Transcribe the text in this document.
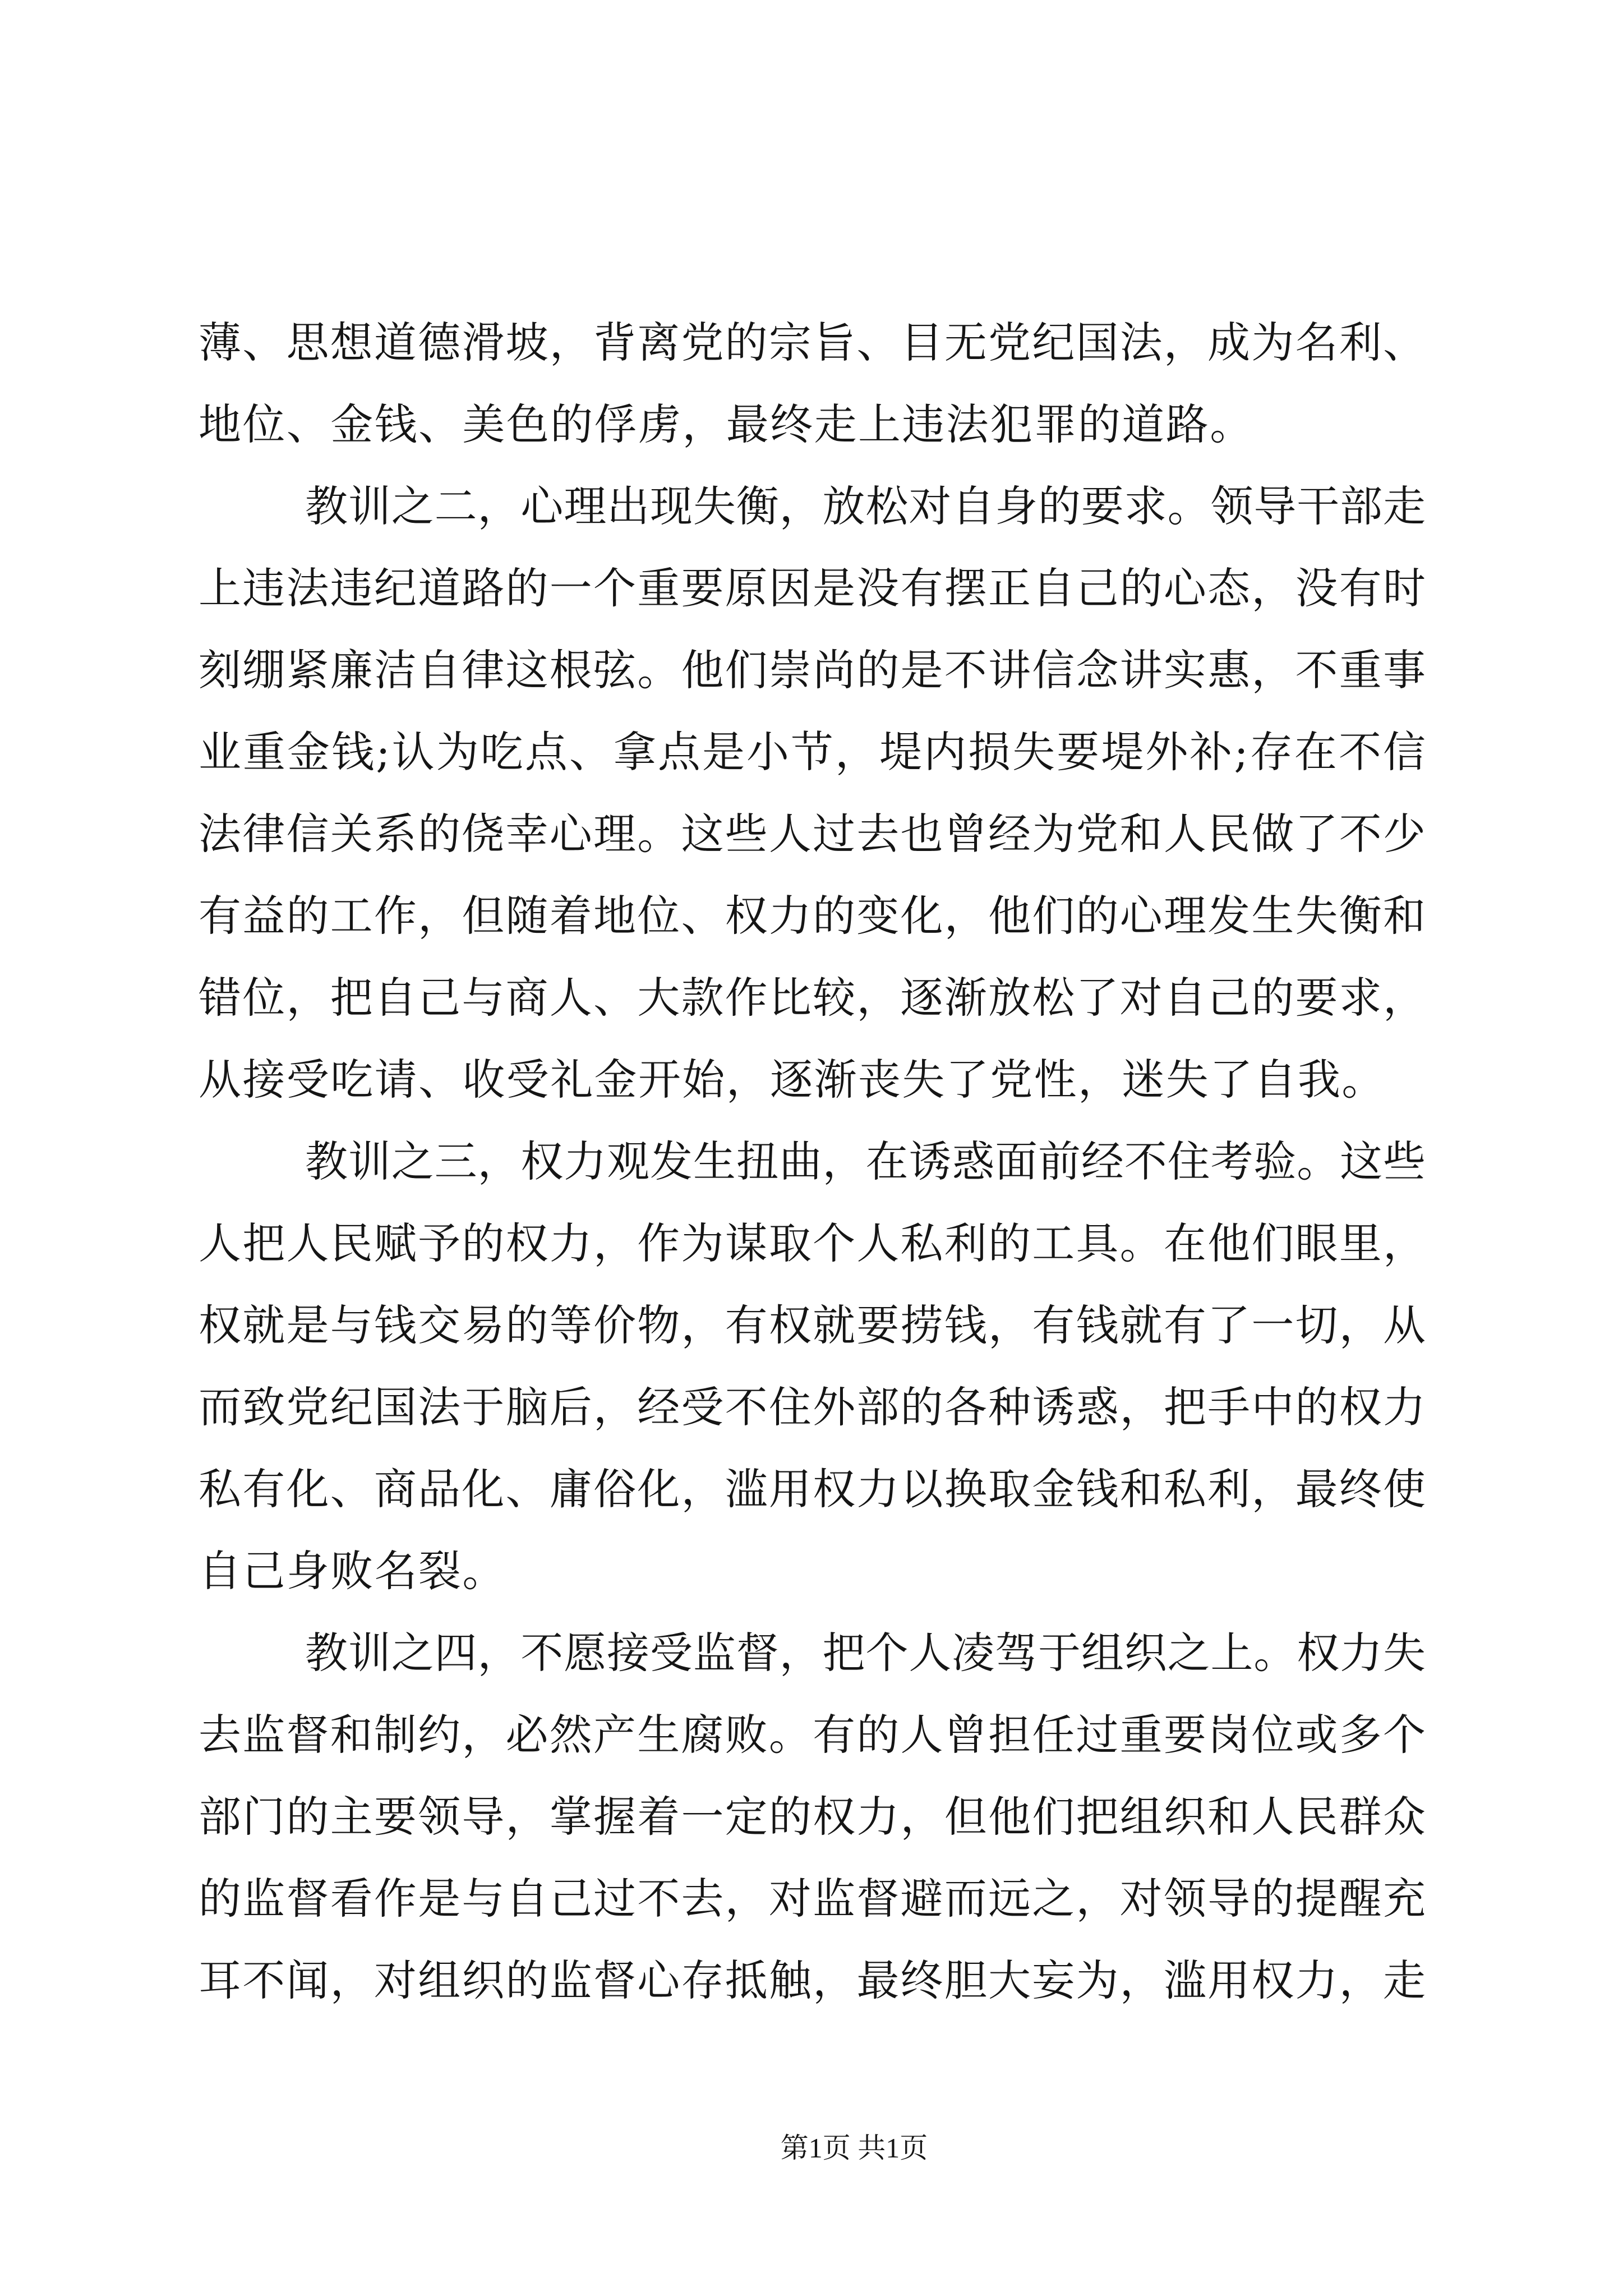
薄、思想道德滑坡，背离党的宗旨、目无党纪国法，成为名利、
地位、金钱、美色的俘虏，最终走上违法犯罪的道路。
教训之二，心理出现失衡，放松对自身的要求。领导干部走
上违法违纪道路的一个重要原因是没有摆正自己的心态，没有时
刻绷紧廉洁自律这根弦。他们崇尚的是不讲信念讲实惠，不重事
业重金钱;认为吃点、拿点是小节，堤内损失要堤外补;存在不信
法律信关系的侥幸心理。这些人过去也曾经为党和人民做了不少
有益的工作，但随着地位、权力的变化，他们的心理发生失衡和
错位，把自己与商人、大款作比较，逐渐放松了对自己的要求，
从接受吃请、收受礼金开始，逐渐丧失了党性，迷失了自我。
教训之三，权力观发生扭曲，在诱惑面前经不住考验。这些
人把人民赋予的权力，作为谋取个人私利的工具。在他们眼里，
权就是与钱交易的等价物，有权就要捞钱，有钱就有了一切，从
而致党纪国法于脑后，经受不住外部的各种诱惑，把手中的权力
私有化、商品化、庸俗化，滥用权力以换取金钱和私利，最终使
自己身败名裂。
教训之四，不愿接受监督，把个人凌驾于组织之上。权力失
去监督和制约，必然产生腐败。有的人曾担任过重要岗位或多个
部门的主要领导，掌握着一定的权力，但他们把组织和人民群众
的监督看作是与自己过不去，对监督避而远之，对领导的提醒充
耳不闻，对组织的监督心存抵触，最终胆大妄为，滥用权力，走
第1页 共1页
